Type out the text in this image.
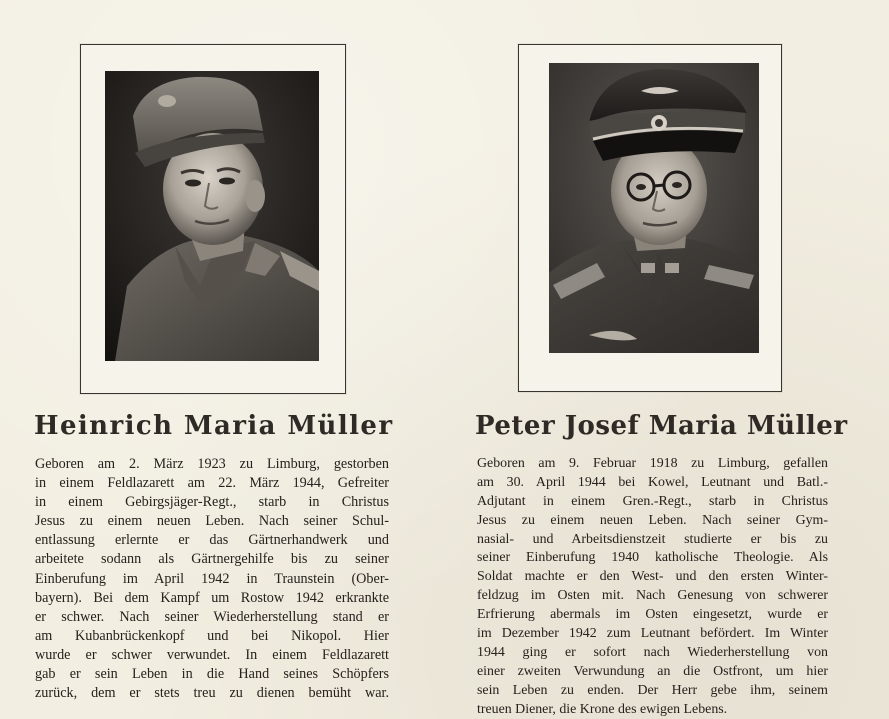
Heinrich Maria Müller
Geboren am 2. März 1923 zu Limburg, gestorben
in einem Feldlazarett am 22. März 1944, Gefreiter
in einem Gebirgsjäger-Regt., starb in Christus
Jesus zu einem neuen Leben. Nach seiner Schul-
entlassung erlernte er das Gärtnerhandwerk und
arbeitete sodann als Gärtnergehilfe bis zu seiner
Einberufung im April 1942 in Traunstein (Ober-
bayern). Bei dem Kampf um Rostow 1942 erkrankte
er schwer. Nach seiner Wiederherstellung stand er
am Kubanbrückenkopf und bei Nikopol. Hier
wurde er schwer verwundet. In einem Feldlazarett
gab er sein Leben in die Hand seines Schöpfers
zurück, dem er stets treu zu dienen bemüht war.
Peter Josef Maria Müller
Geboren am 9. Februar 1918 zu Limburg, gefallen
am 30. April 1944 bei Kowel, Leutnant und Batl.-
Adjutant in einem Gren.-Regt., starb in Christus
Jesus zu einem neuen Leben. Nach seiner Gym-
nasial- und Arbeitsdienstzeit studierte er bis zu
seiner Einberufung 1940 katholische Theologie. Als
Soldat machte er den West- und den ersten Winter-
feldzug im Osten mit. Nach Genesung von schwerer
Erfrierung abermals im Osten eingesetzt, wurde er
im Dezember 1942 zum Leutnant befördert. Im Winter
1944 ging er sofort nach Wiederherstellung von
einer zweiten Verwundung an die Ostfront, um hier
sein Leben zu enden. Der Herr gebe ihm, seinem
treuen Diener, die Krone des ewigen Lebens.
